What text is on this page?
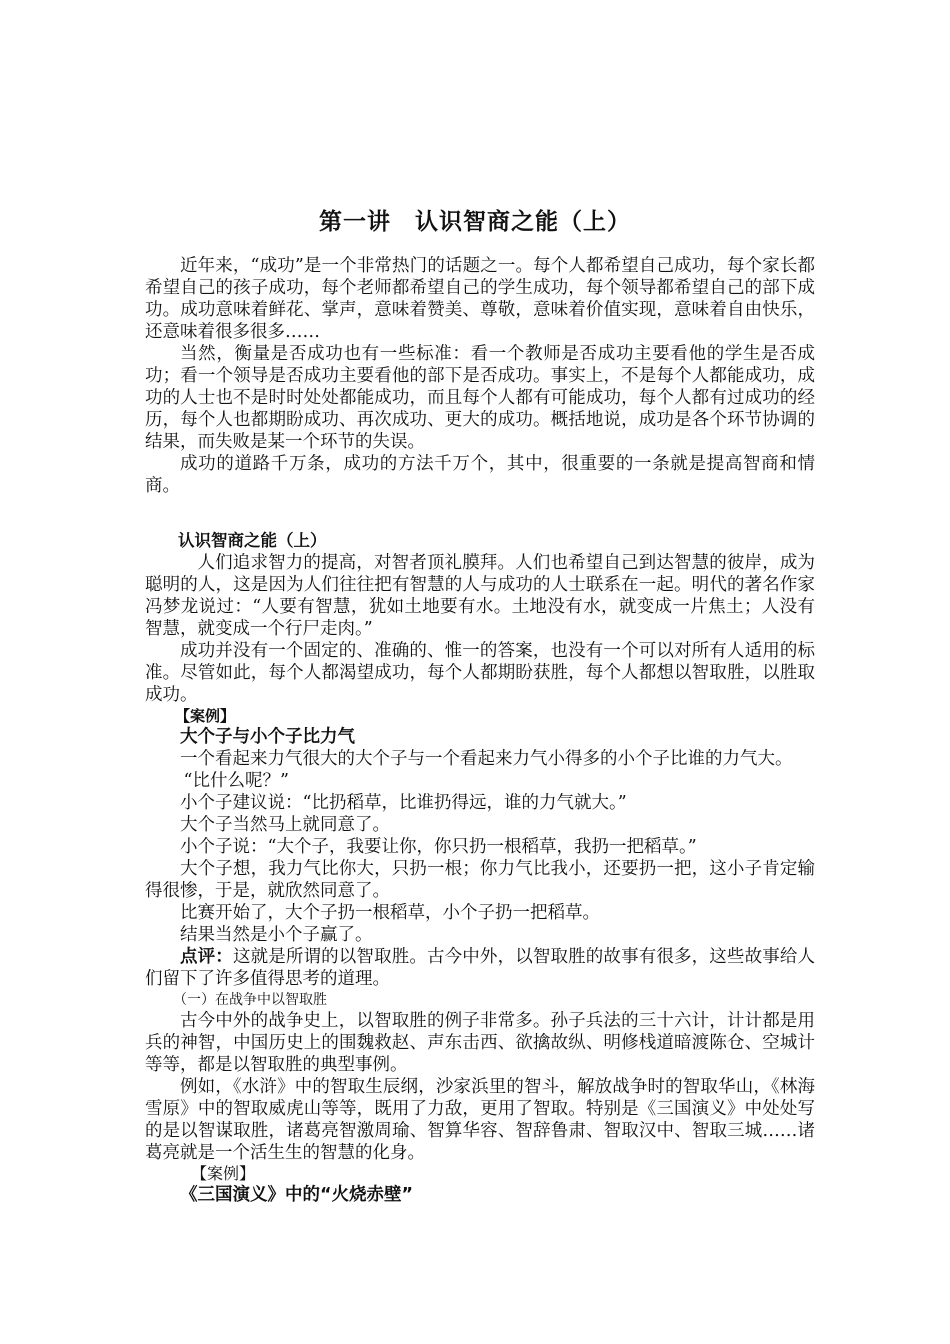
第一讲　认识智商之能（上）

近年来，“成功”是一个非常热门的话题之一。每个人都希望自己成功，每个家长都希望自己的孩子成功，每个老师都希望自己的学生成功，每个领导都希望自己的部下成功。成功意味着鲜花、掌声，意味着赞美、尊敬，意味着价值实现，意味着自由快乐，还意味着很多很多……

当然，衡量是否成功也有一些标准：看一个教师是否成功主要看他的学生是否成功；看一个领导是否成功主要看他的部下是否成功。事实上，不是每个人都能成功，成功的人士也不是时时处处都能成功，而且每个人都有可能成功，每个人都有过成功的经历，每个人也都期盼成功、再次成功、更大的成功。概括地说，成功是各个环节协调的结果，而失败是某一个环节的失误。

成功的道路千万条，成功的方法千万个，其中，很重要的一条就是提高智商和情商。

认识智商之能（上）

人们追求智力的提高，对智者顶礼膜拜。人们也希望自己到达智慧的彼岸，成为聪明的人，这是因为人们往往把有智慧的人与成功的人士联系在一起。明代的著名作家冯梦龙说过：“人要有智慧，犹如土地要有水。土地没有水，就变成一片焦土；人没有智慧，就变成一个行尸走肉。”

成功并没有一个固定的、准确的、惟一的答案，也没有一个可以对所有人适用的标准。尽管如此，每个人都渴望成功，每个人都期盼获胜，每个人都想以智取胜，以胜取成功。

【案例】

大个子与小个子比力气

一个看起来力气很大的大个子与一个看起来力气小得多的小个子比谁的力气大。

“比什么呢？”

小个子建议说：“比扔稻草，比谁扔得远，谁的力气就大。”

大个子当然马上就同意了。

小个子说：“大个子，我要让你，你只扔一根稻草，我扔一把稻草。”

大个子想，我力气比你大，只扔一根；你力气比我小，还要扔一把，这小子肯定输得很惨，于是，就欣然同意了。

比赛开始了，大个子扔一根稻草，小个子扔一把稻草。

结果当然是小个子赢了。

点评：这就是所谓的以智取胜。古今中外，以智取胜的故事有很多，这些故事给人们留下了许多值得思考的道理。

（一）在战争中以智取胜

古今中外的战争史上，以智取胜的例子非常多。孙子兵法的三十六计，计计都是用兵的神智，中国历史上的围魏救赵、声东击西、欲擒故纵、明修栈道暗渡陈仓、空城计等等，都是以智取胜的典型事例。

例如，《水浒》中的智取生辰纲，沙家浜里的智斗，解放战争时的智取华山，《林海雪原》中的智取威虎山等等，既用了力敌，更用了智取。特别是《三国演义》中处处写的是以智谋取胜，诸葛亮智激周瑜、智算华容、智辞鲁肃、智取汉中、智取三城……诸葛亮就是一个活生生的智慧的化身。

【案例】

《三国演义》中的“火烧赤壁”
